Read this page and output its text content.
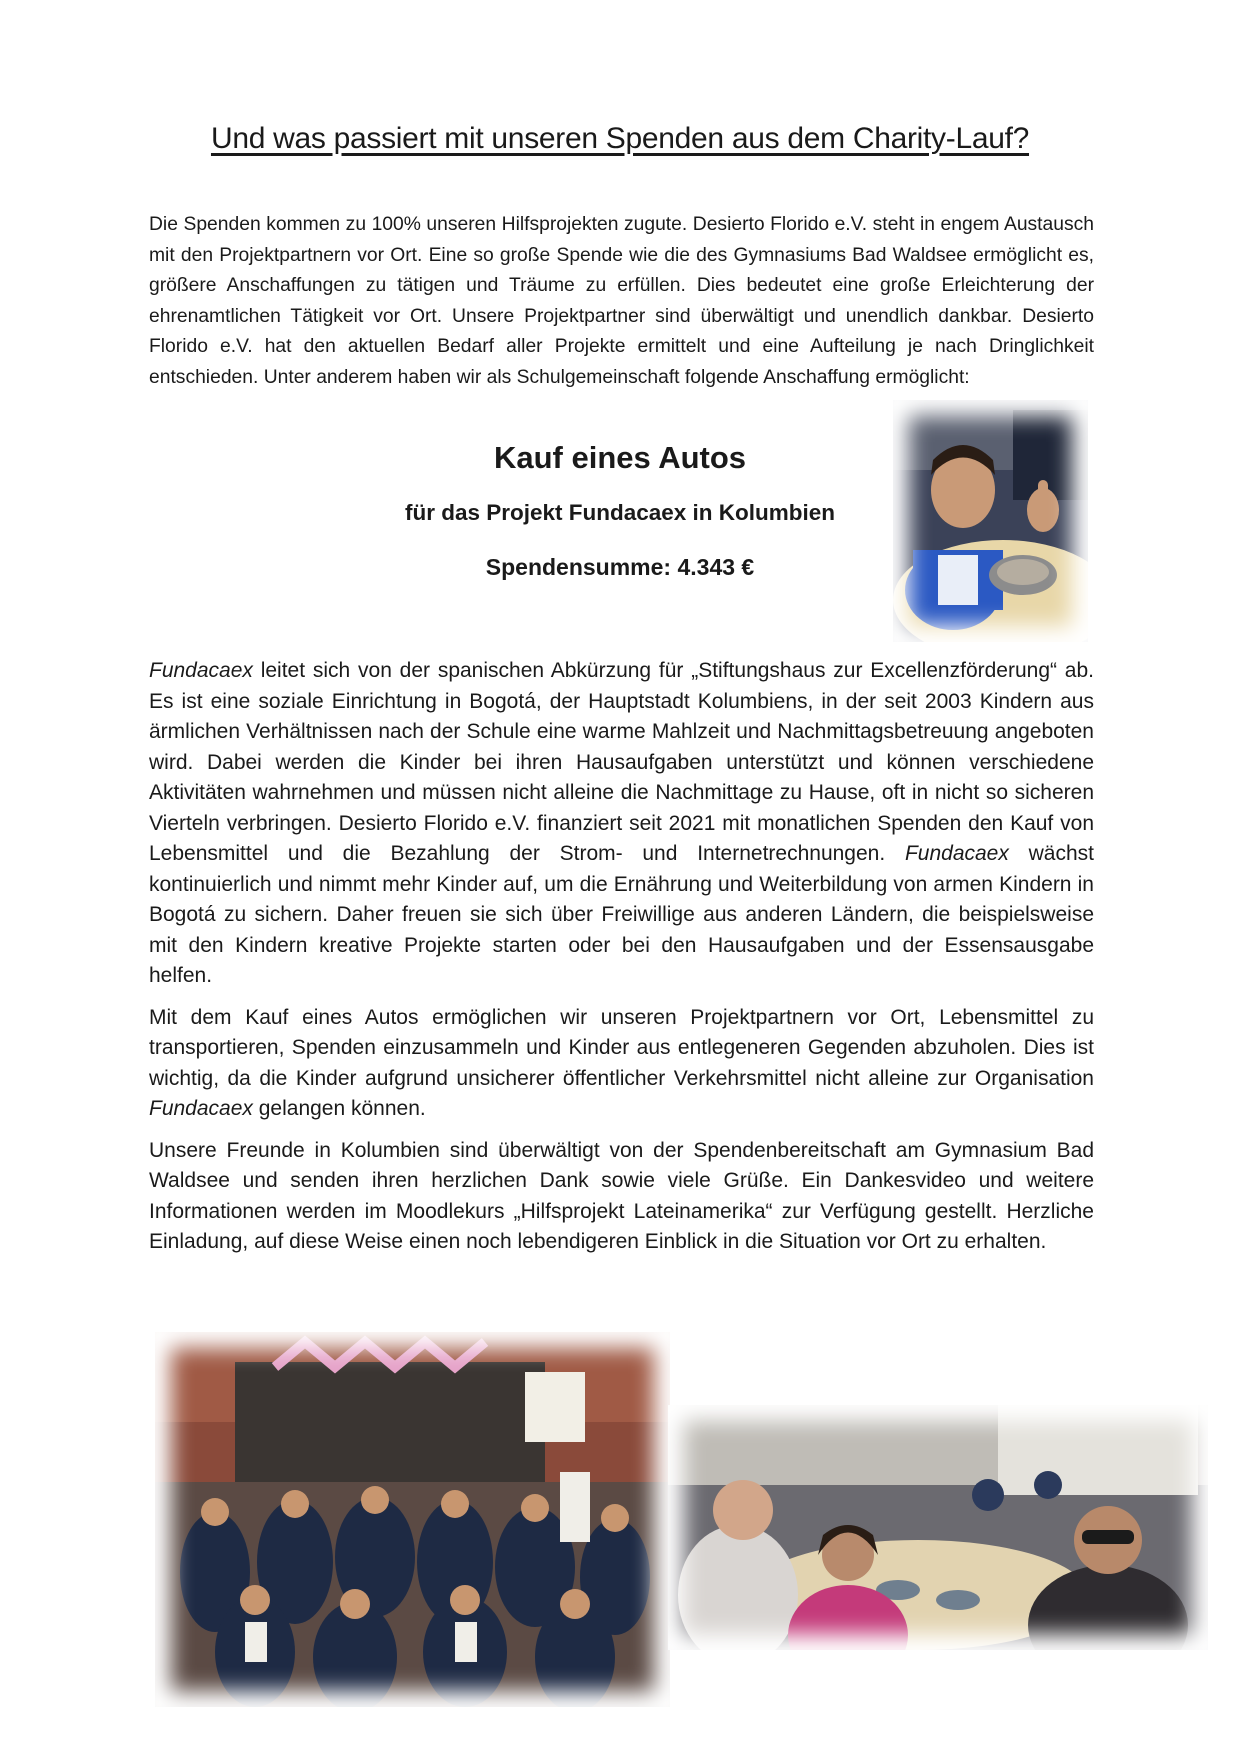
Und was passiert mit unseren Spenden aus dem Charity-Lauf?
Die Spenden kommen zu 100% unseren Hilfsprojekten zugute. Desierto Florido e.V. steht in engem Austausch mit den Projektpartnern vor Ort. Eine so große Spende wie die des Gymnasiums Bad Waldsee ermöglicht es, größere Anschaffungen zu tätigen und Träume zu erfüllen. Dies bedeutet eine große Erleichterung der ehrenamtlichen Tätigkeit vor Ort. Unsere Projektpartner sind überwältigt und unendlich dankbar. Desierto Florido e.V. hat den aktuellen Bedarf aller Projekte ermittelt und eine Aufteilung je nach Dringlichkeit entschieden. Unter anderem haben wir als Schulgemeinschaft folgende Anschaffung ermöglicht:
Kauf eines Autos
für das Projekt Fundacaex in Kolumbien
Spendensumme: 4.343 €

Fundacaex leitet sich von der spanischen Abkürzung für „Stiftungshaus zur Excellenzförderung“ ab. Es ist eine soziale Einrichtung in Bogotá, der Hauptstadt Kolumbiens, in der seit 2003 Kindern aus ärmlichen Verhältnissen nach der Schule eine warme Mahlzeit und Nachmittagsbetreuung angeboten wird. Dabei werden die Kinder bei ihren Hausaufgaben unterstützt und können verschiedene Aktivitäten wahrnehmen und müssen nicht alleine die Nachmittage zu Hause, oft in nicht so sicheren Vierteln verbringen. Desierto Florido e.V. finanziert seit 2021 mit monatlichen Spenden den Kauf von Lebensmittel und die Bezahlung der Strom- und Internetrechnungen. Fundacaex wächst kontinuierlich und nimmt mehr Kinder auf, um die Ernährung und Weiterbildung von armen Kindern in Bogotá zu sichern. Daher freuen sie sich über Freiwillige aus anderen Ländern, die beispielsweise mit den Kindern kreative Projekte starten oder bei den Hausaufgaben und der Essensausgabe helfen.

Mit dem Kauf eines Autos ermöglichen wir unseren Projektpartnern vor Ort, Lebensmittel zu transportieren, Spenden einzusammeln und Kinder aus entlegeneren Gegenden abzuholen. Dies ist wichtig, da die Kinder aufgrund unsicherer öffentlicher Verkehrsmittel nicht alleine zur Organisation Fundacaex gelangen können.

Unsere Freunde in Kolumbien sind überwältigt von der Spendenbereitschaft am Gymnasium Bad Waldsee und senden ihren herzlichen Dank sowie viele Grüße. Ein Dankesvideo und weitere Informationen werden im Moodlekurs „Hilfsprojekt Lateinamerika“ zur Verfügung gestellt. Herzliche Einladung, auf diese Weise einen noch lebendigeren Einblick in die Situation vor Ort zu erhalten.
